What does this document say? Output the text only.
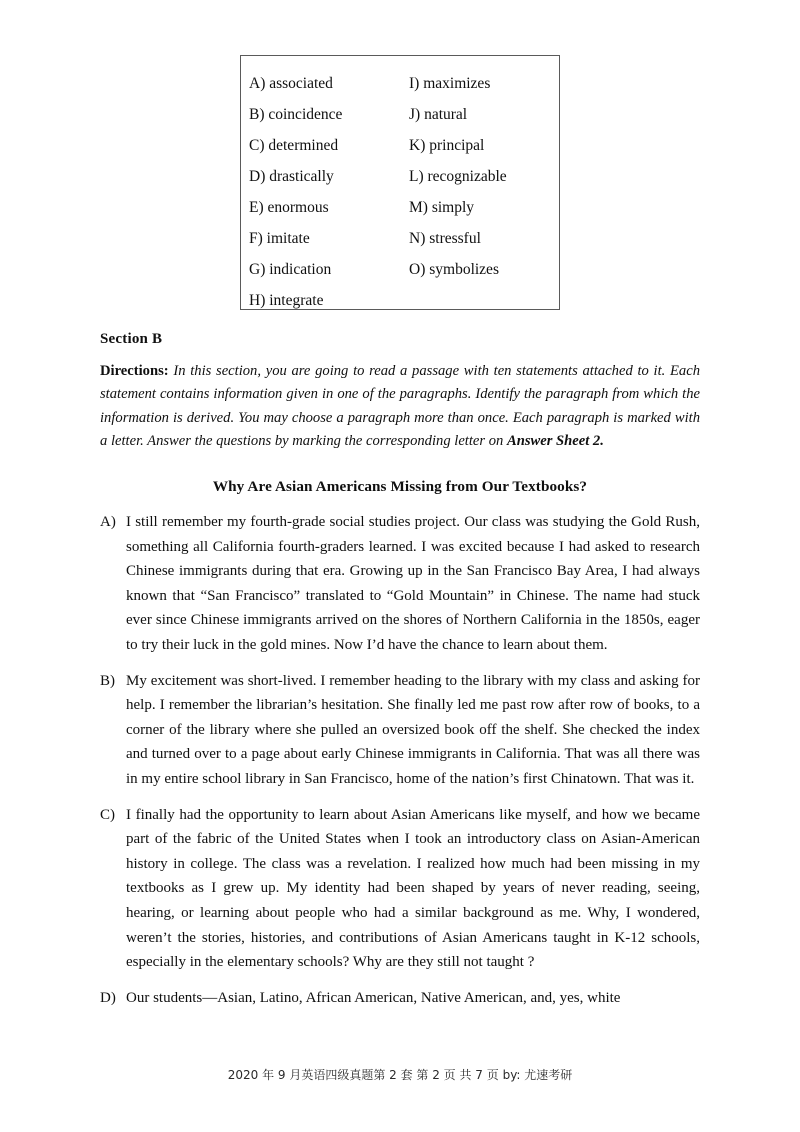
A) associated	I) maximizes
B) coincidence	J) natural
C) determined	K) principal
D) drastically	L) recognizable
E) enormous	M) simply
F) imitate	N) stressful
G) indication	O) symbolizes
H) integrate
Section B
Directions: In this section, you are going to read a passage with ten statements attached to it. Each statement contains information given in one of the paragraphs. Identify the paragraph from which the information is derived. You may choose a paragraph more than once. Each paragraph is marked with a letter. Answer the questions by marking the corresponding letter on Answer Sheet 2.
Why Are Asian Americans Missing from Our Textbooks?
A) I still remember my fourth-grade social studies project. Our class was studying the Gold Rush, something all California fourth-graders learned. I was excited because I had asked to research Chinese immigrants during that era. Growing up in the San Francisco Bay Area, I had always known that “San Francisco” translated to “Gold Mountain” in Chinese. The name had stuck ever since Chinese immigrants arrived on the shores of Northern California in the 1850s, eager to try their luck in the gold mines. Now I’d have the chance to learn about them.
B) My excitement was short-lived. I remember heading to the library with my class and asking for help. I remember the librarian’s hesitation. She finally led me past row after row of books, to a corner of the library where she pulled an oversized book off the shelf. She checked the index and turned over to a page about early Chinese immigrants in California. That was all there was in my entire school library in San Francisco, home of the nation’s first Chinatown. That was it.
C) I finally had the opportunity to learn about Asian Americans like myself, and how we became part of the fabric of the United States when I took an introductory class on Asian-American history in college. The class was a revelation. I realized how much had been missing in my textbooks as I grew up. My identity had been shaped by years of never reading, seeing, hearing, or learning about people who had a similar background as me. Why, I wondered, weren’t the stories, histories, and contributions of Asian Americans taught in K-12 schools, especially in the elementary schools? Why are they still not taught ?
D) Our students—Asian, Latino, African American, Native American, and, yes, white
2020 年 9 月英语四级真题第 2 套 第 2 页 共 7 页 by: 尤速考研
